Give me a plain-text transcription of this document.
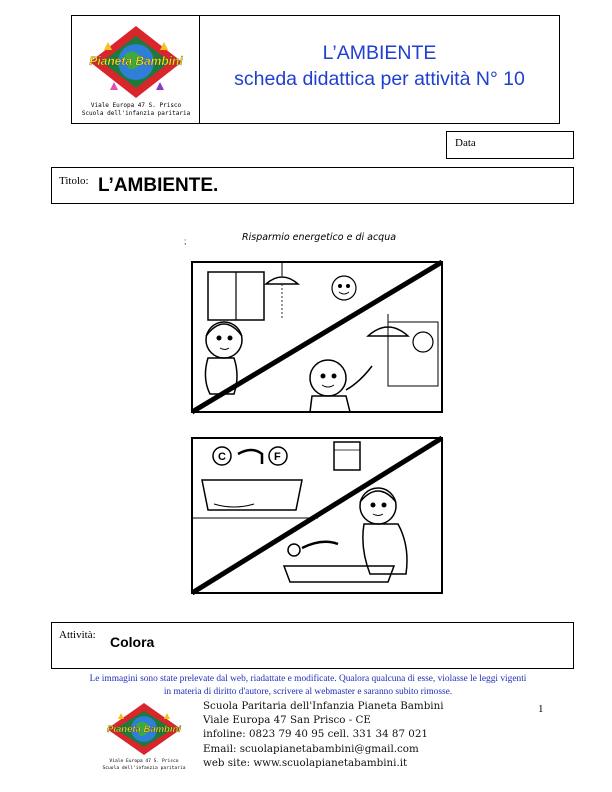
Pianeta Bambini
Viale Europa 47 S. Prisco
Scuola dell'infanzia paritaria
L’AMBIENTE
scheda didattica per attività N° 10
Data
Titolo: L’AMBIENTE.
Risparmio energetico e di acqua
;
C	F
Attività: Colora
Le immagini sono state prelevate dal web, riadattate e modificate. Qualora qualcuna di esse, violasse le leggi vigenti
in materia di diritto d'autore, scrivere al webmaster e saranno subito rimosse.
1
Pianeta Bambini
Viale Europa 47 S. Prisco
Scuola dell'infanzia paritaria
Scuola Paritaria dell'Infanzia Pianeta Bambini
Viale Europa 47 San Prisco - CE
infoline: 0823 79 40 95 cell. 331 34 87 021
Email: scuolapianetabambini@gmail.com
web site: www.scuolapianetabambini.it
